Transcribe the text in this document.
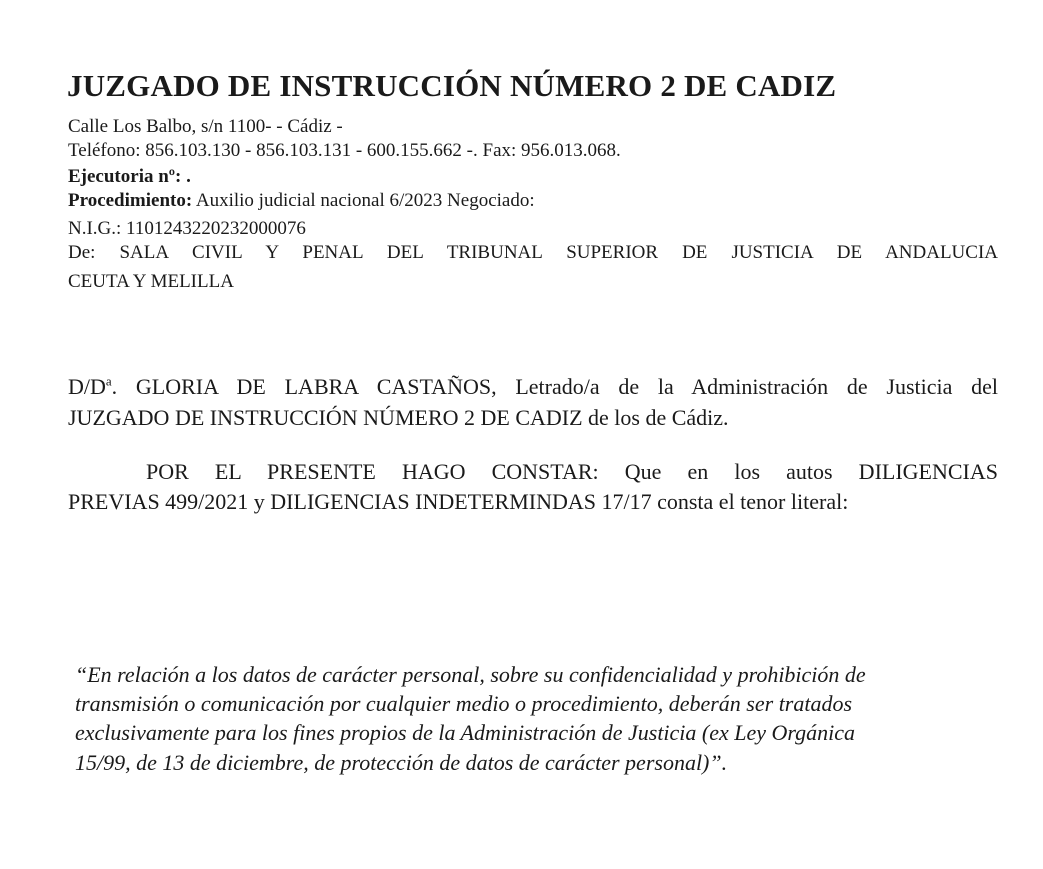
JUZGADO DE INSTRUCCIÓN NÚMERO 2 DE CADIZ
Calle Los Balbo, s/n 1100- - Cádiz -
Teléfono: 856.103.130 - 856.103.131 - 600.155.662 -. Fax: 956.013.068.
Ejecutoria nº: .
Procedimiento: Auxilio judicial nacional 6/2023 Negociado:
N.I.G.: 1101243220232000076
De: SALA CIVIL Y PENAL DEL TRIBUNAL SUPERIOR DE JUSTICIA DE ANDALUCIA
CEUTA Y MELILLA
$D/D^a$. GLORIA DE LABRA CASTAÑOS, Letrado/a de la Administración de Justicia del
JUZGADO DE INSTRUCCIÓN NÚMERO 2 DE CADIZ de los de Cádiz.
POR EL PRESENTE HAGO CONSTAR: Que en los autos DILIGENCIAS
PREVIAS 499/2021 y DILIGENCIAS INDETERMINDAS 17/17 consta el tenor literal:
“En relación a los datos de carácter personal, sobre su confidencialidad y prohibición de
transmisión o comunicación por cualquier medio o procedimiento, deberán ser tratados
exclusivamente para los fines propios de la Administración de Justicia (ex Ley Orgánica
15/99, de 13 de diciembre, de protección de datos de carácter personal)”.
